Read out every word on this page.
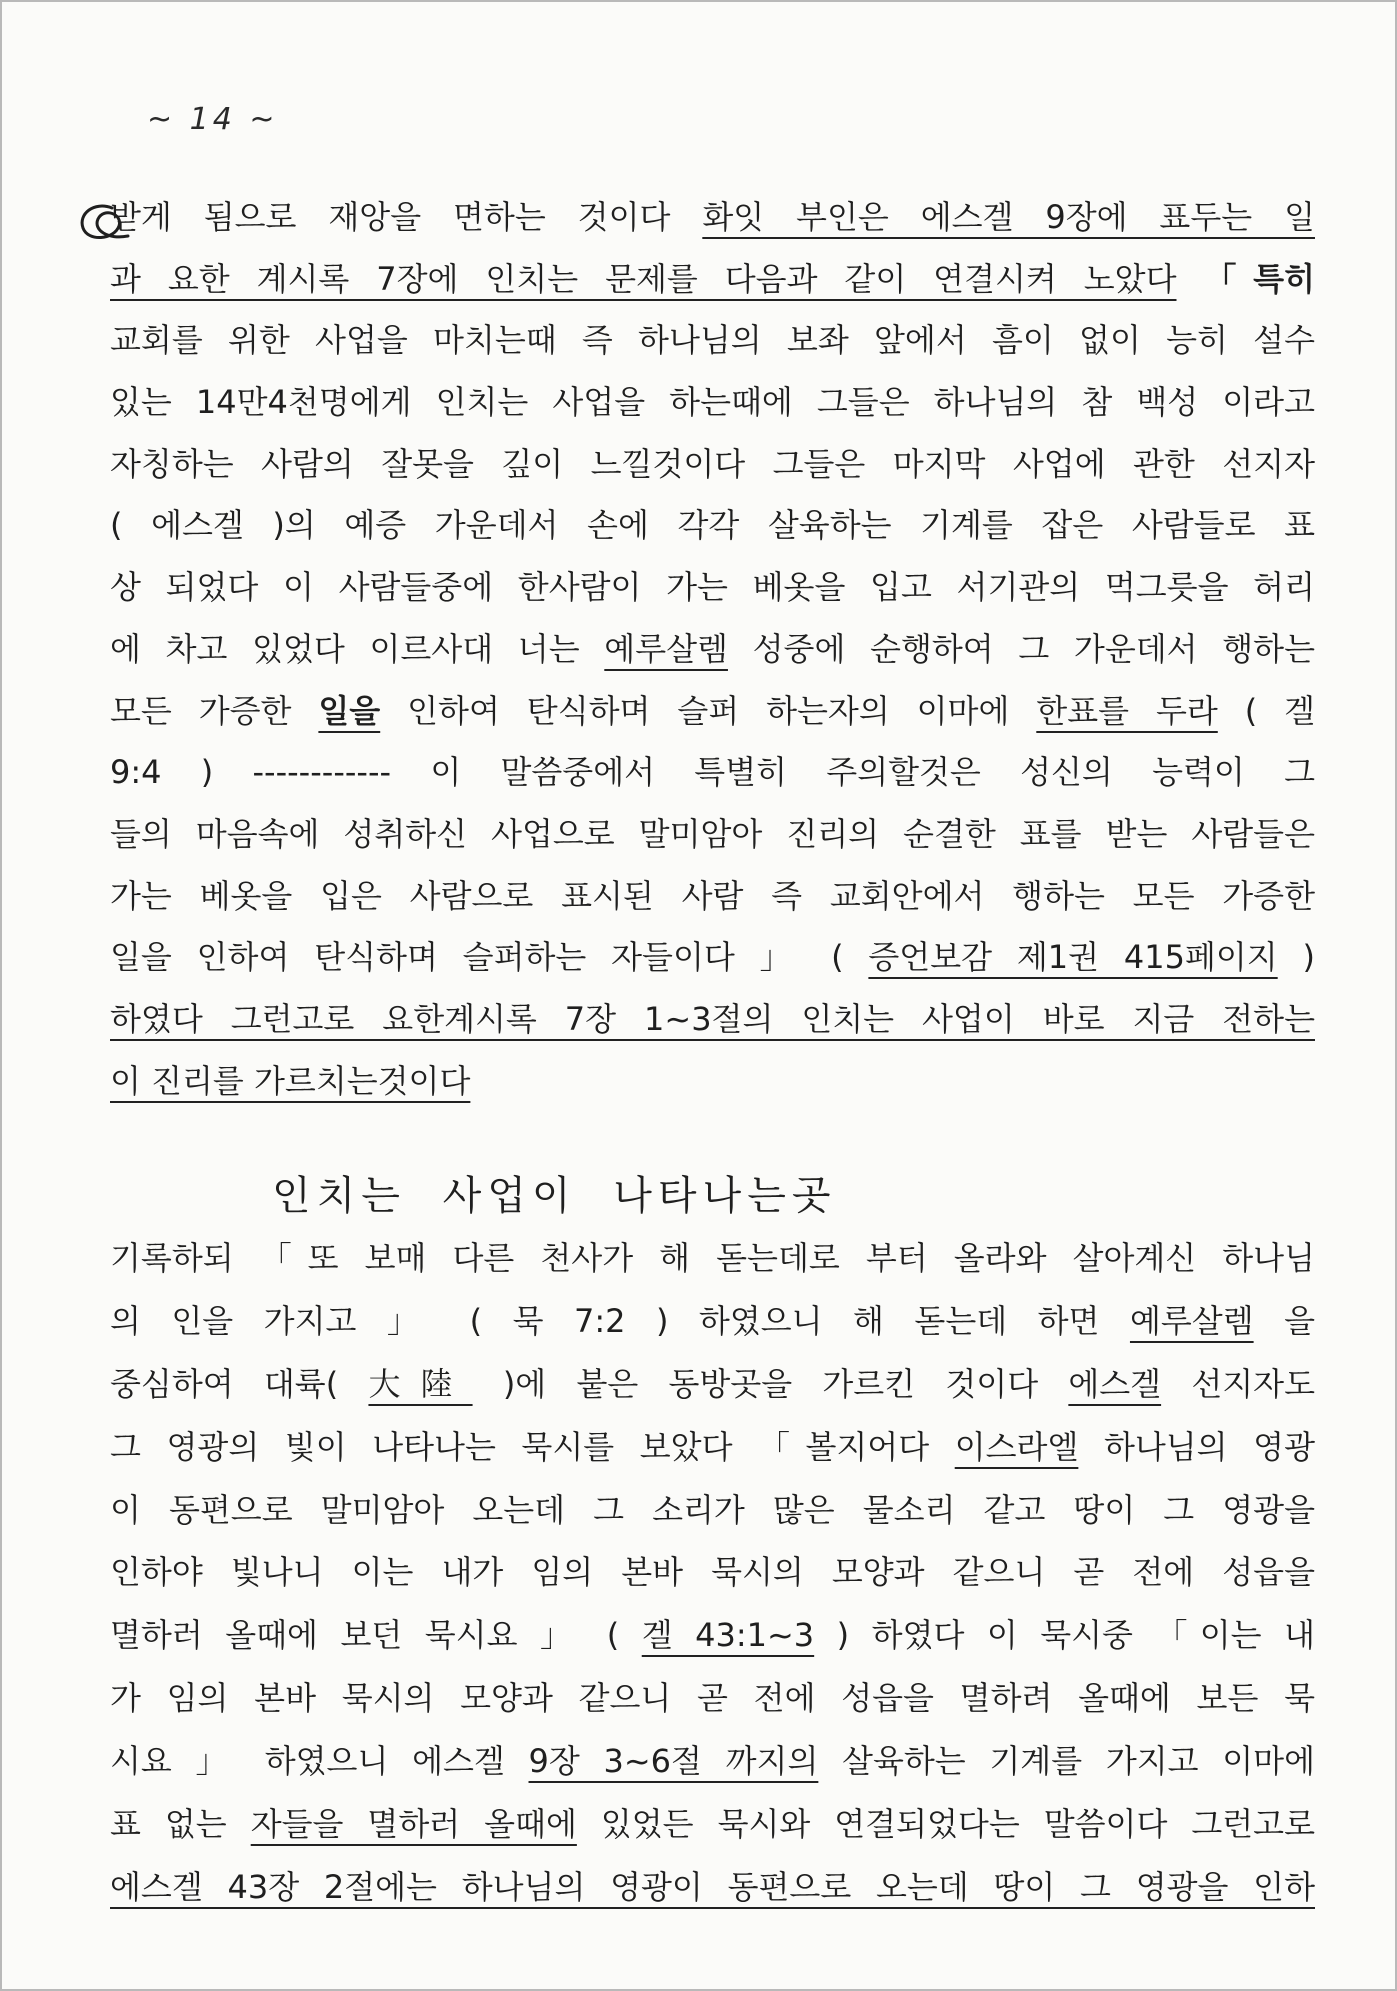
~ 14 ~
받게 됨으로 재앙을 면하는 것이다 화잇 부인은 에스겔 9장에 표두는 일
과 요한 계시록 7장에 인치는 문제를 다음과 같이 연결시켜 노았다 「특히
교회를 위한 사업을 마치는때 즉 하나님의 보좌 앞에서 흠이 없이 능히 설수
있는 14만4천명에게 인치는 사업을 하는때에 그들은 하나님의 참 백성 이라고
자칭하는 사람의 잘못을 깊이 느낄것이다 그들은 마지막 사업에 관한 선지자
( 에스겔 )의 예증 가운데서 손에 각각 살육하는 기계를 잡은 사람들로 표
상 되었다 이 사람들중에 한사람이 가는 베옷을 입고 서기관의 먹그릇을 허리
에 차고 있었다 이르사대 너는 예루살렘 성중에 순행하여 그 가운데서 행하는
모든 가증한 일을 인하여 탄식하며 슬퍼 하는자의 이마에 한표를 두라 ( 겔
9:4 ) ------------ 이 말씀중에서 특별히 주의할것은 성신의 능력이 그
들의 마음속에 성취하신 사업으로 말미암아 진리의 순결한 표를 받는 사람들은
가는 베옷을 입은 사람으로 표시된 사람 즉 교회안에서 행하는 모든 가증한
일을 인하여 탄식하며 슬퍼하는 자들이다 」 ( 증언보감 제1권 415페이지 )
하였다 그런고로 요한계시록 7장 1~3절의 인치는 사업이 바로 지금 전하는
이 진리를 가르치는것이다
인치는 사업이 나타나는곳
기록하되 「또 보매 다른 천사가 해 돋는데로 부터 올라와 살아계신 하나님
의 인을 가지고 」 ( 묵 7:2 ) 하였으니 해 돋는데 하면 예루살렘 을
중심하여 대륙( 大陸 )에 붙은 동방곳을 가르킨 것이다 에스겔 선지자도
그 영광의 빛이 나타나는 묵시를 보았다 「볼지어다 이스라엘 하나님의 영광
이 동편으로 말미암아 오는데 그 소리가 많은 물소리 같고 땅이 그 영광을
인하야 빛나니 이는 내가 임의 본바 묵시의 모양과 같으니 곧 전에 성읍을
멸하러 올때에 보던 묵시요 」 ( 겔 43:1~3 ) 하였다 이 묵시중 「이는 내
가 임의 본바 묵시의 모양과 같으니 곧 전에 성읍을 멸하려 올때에 보든 묵
시요 」 하였으니 에스겔 9장 3~6절 까지의 살육하는 기계를 가지고 이마에
표 없는 자들을 멸하러 올때에 있었든 묵시와 연결되었다는 말씀이다 그런고로
에스겔 43장 2절에는 하나님의 영광이 동편으로 오는데 땅이 그 영광을 인하
